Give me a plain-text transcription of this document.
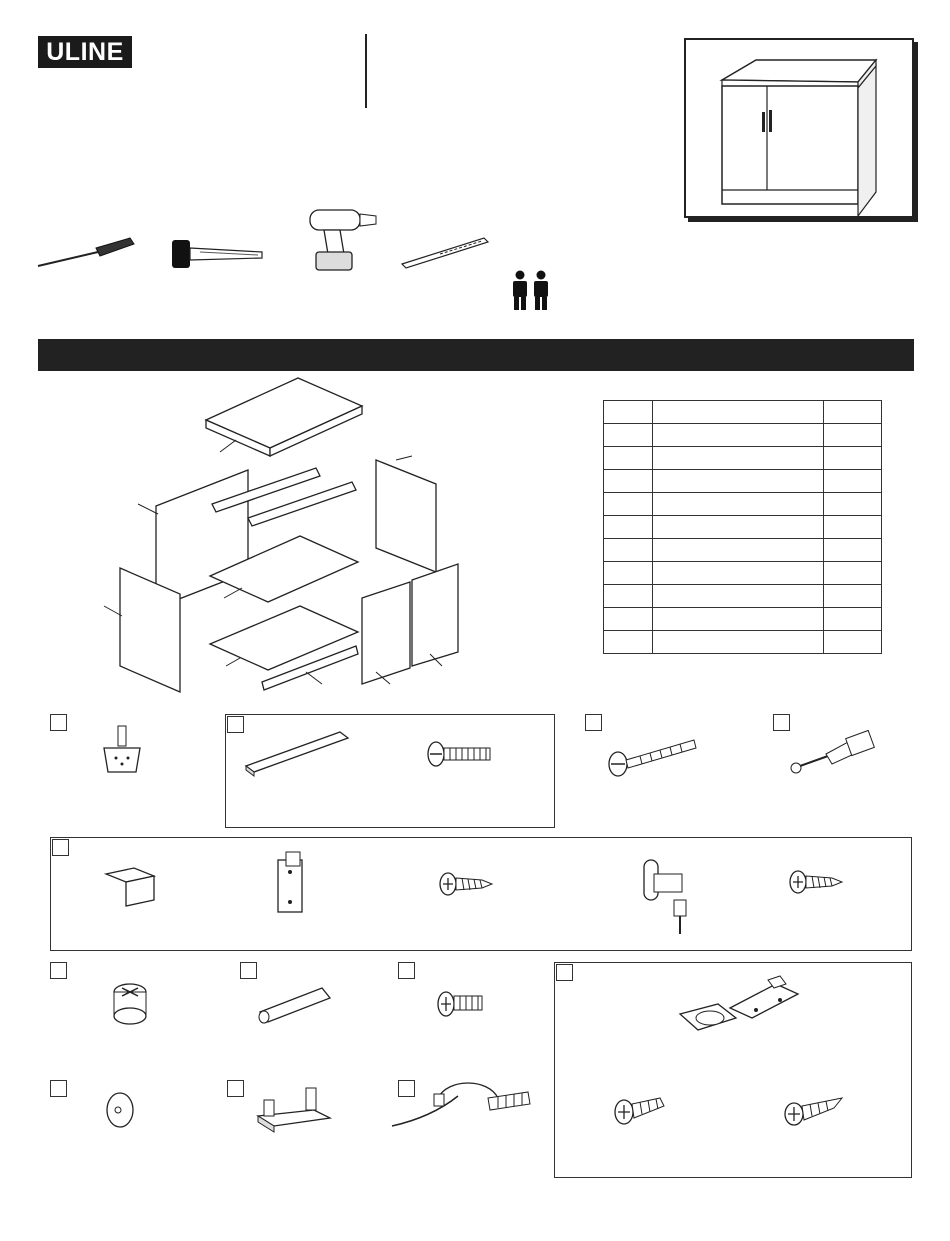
ULINE
